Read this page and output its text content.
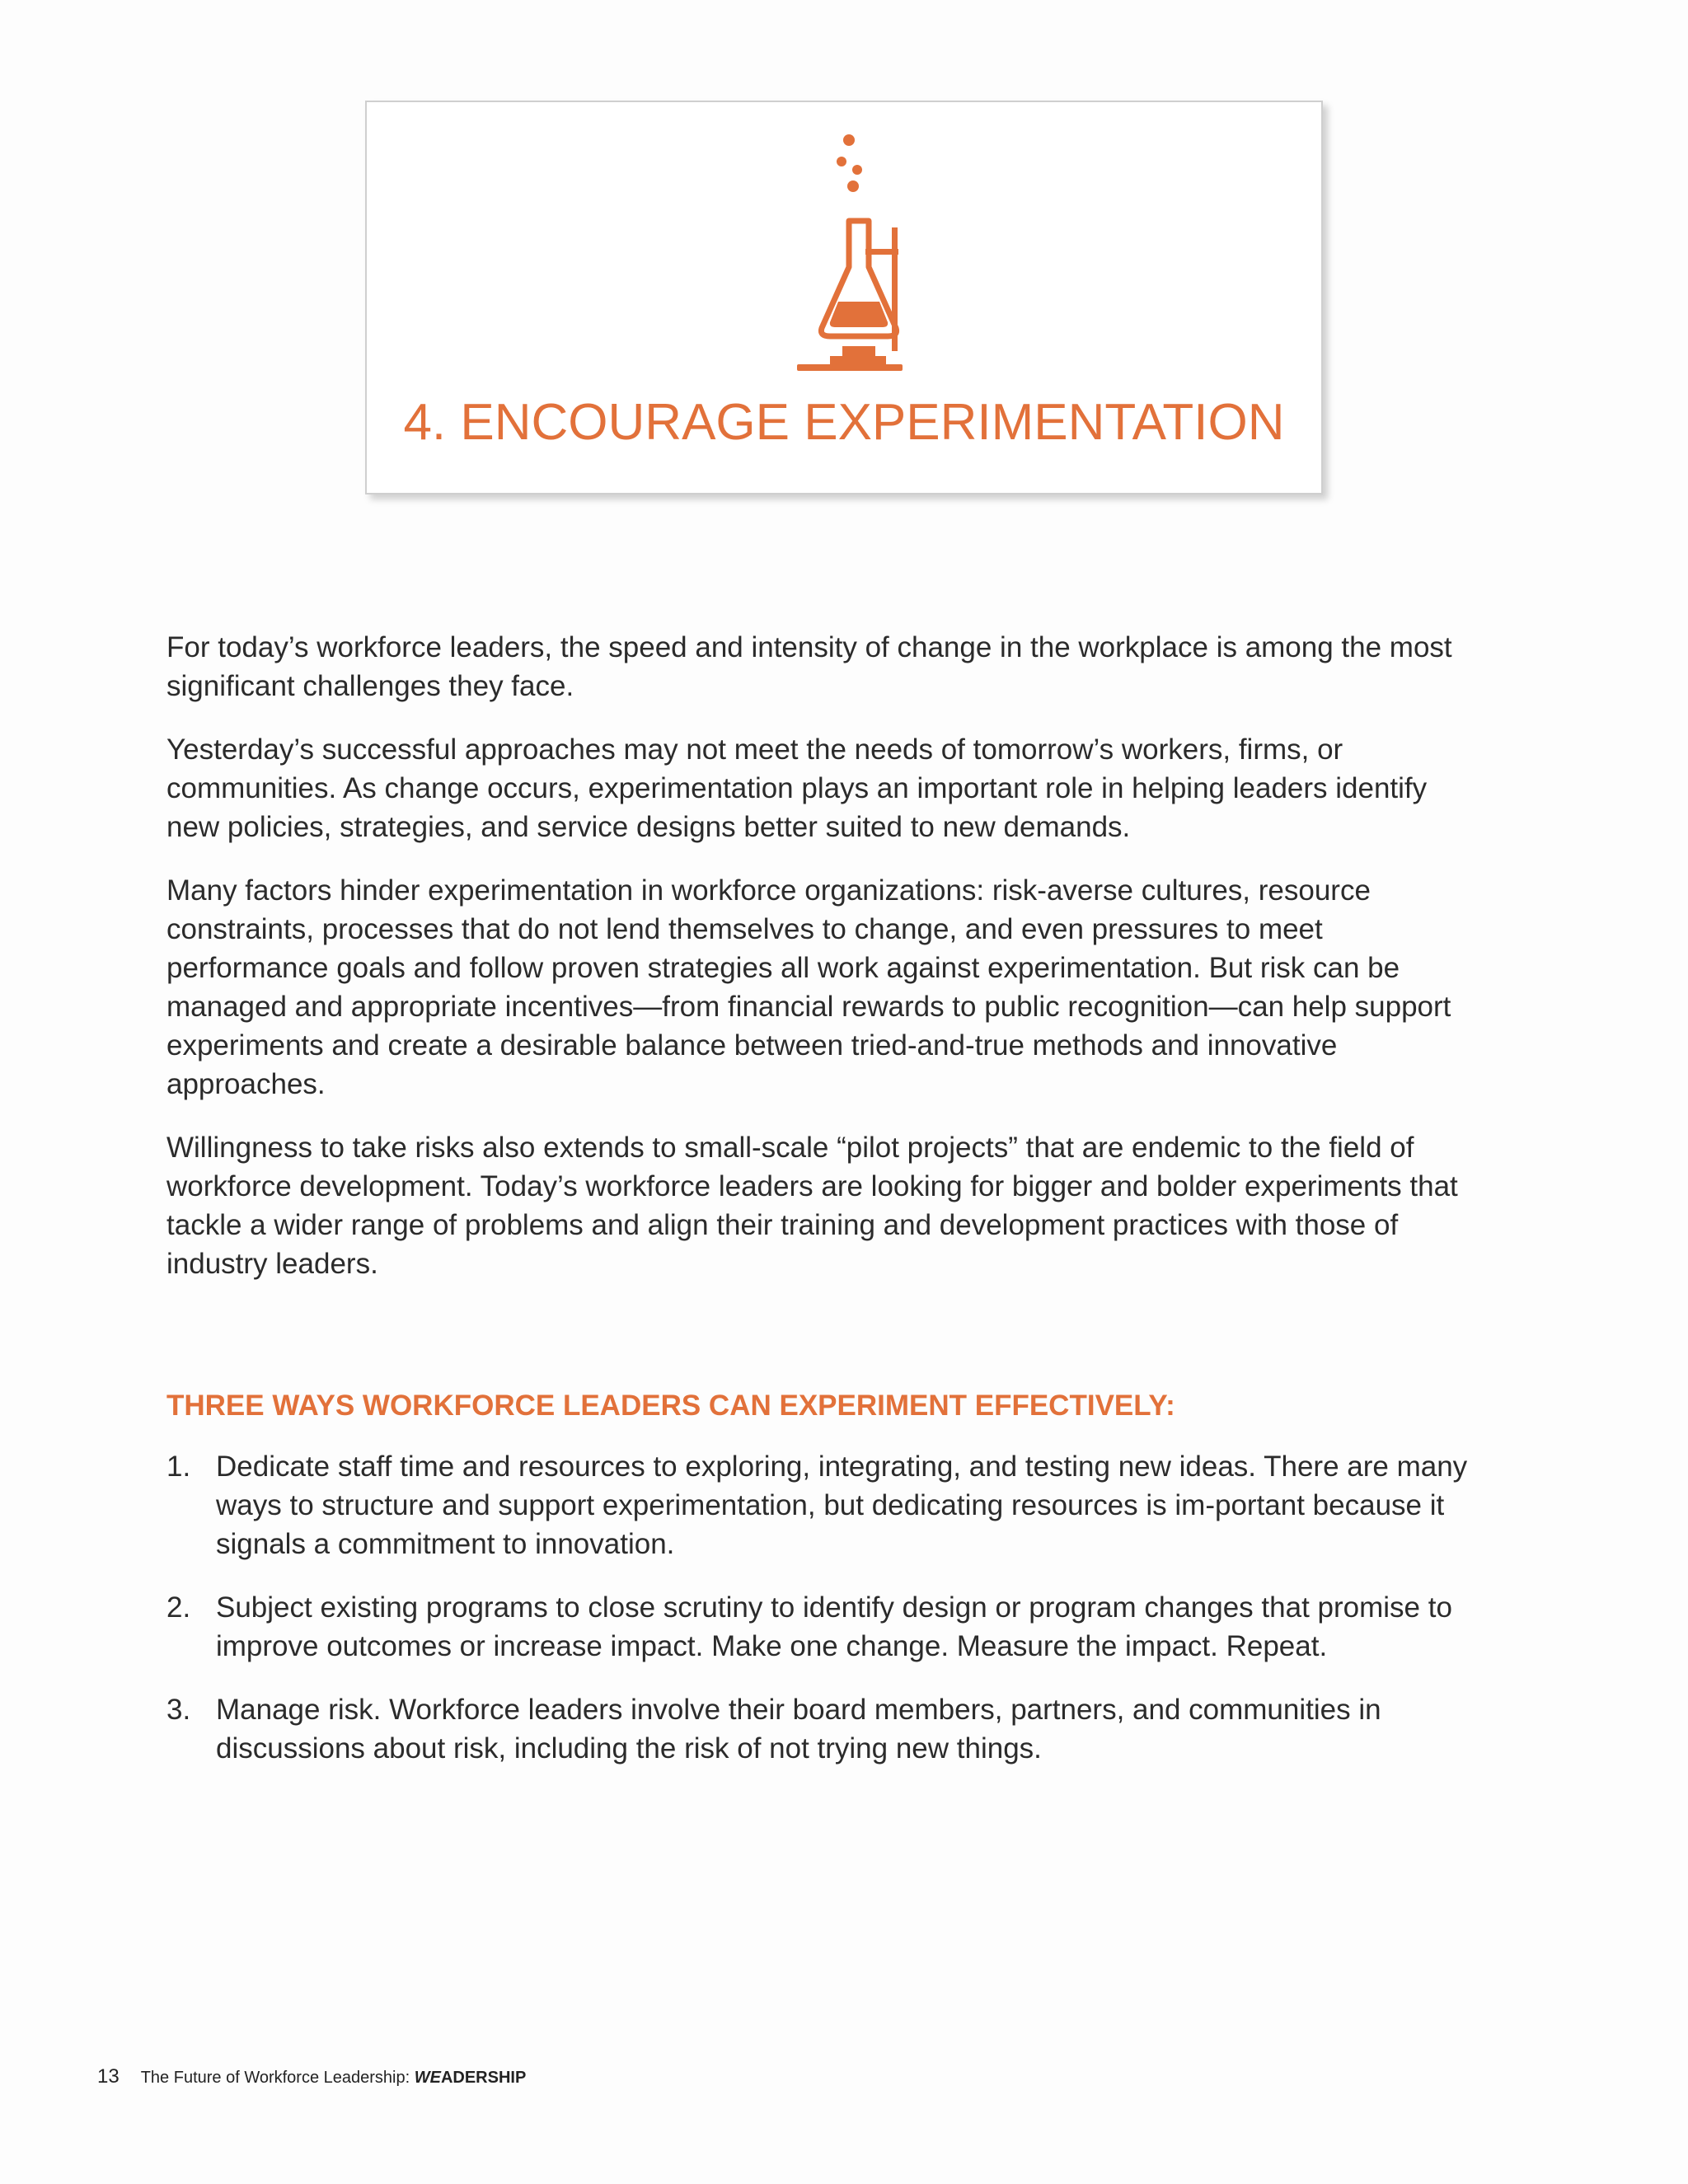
4. ENCOURAGE EXPERIMENTATION

For today’s workforce leaders, the speed and intensity of change in the workplace is among the most significant challenges they face.

Yesterday’s successful approaches may not meet the needs of tomorrow’s workers, firms, or communities. As change occurs, experimentation plays an important role in helping leaders identify new policies, strategies, and service designs better suited to new demands.

Many factors hinder experimentation in workforce organizations: risk-averse cultures, resource constraints, processes that do not lend themselves to change, and even pressures to meet performance goals and follow proven strategies all work against experimentation. But risk can be managed and appropriate incentives—from financial rewards to public recognition—can help support experiments and create a desirable balance between tried-and-true methods and innovative approaches.

Willingness to take risks also extends to small-scale “pilot projects” that are endemic to the field of workforce development. Today’s workforce leaders are looking for bigger and bolder experiments that tackle a wider range of problems and align their training and development practices with those of industry leaders.

THREE WAYS WORKFORCE LEADERS CAN EXPERIMENT EFFECTIVELY:
1. Dedicate staff time and resources to exploring, integrating, and testing new ideas. There are many ways to structure and support experimentation, but dedicating resources is im-portant because it signals a commitment to innovation.
2. Subject existing programs to close scrutiny to identify design or program changes that promise to improve outcomes or increase impact. Make one change. Measure the impact. Repeat.
3. Manage risk. Workforce leaders involve their board members, partners, and communities in discussions about risk, including the risk of not trying new things.
13 The Future of Workforce Leadership: WEADERSHIP
